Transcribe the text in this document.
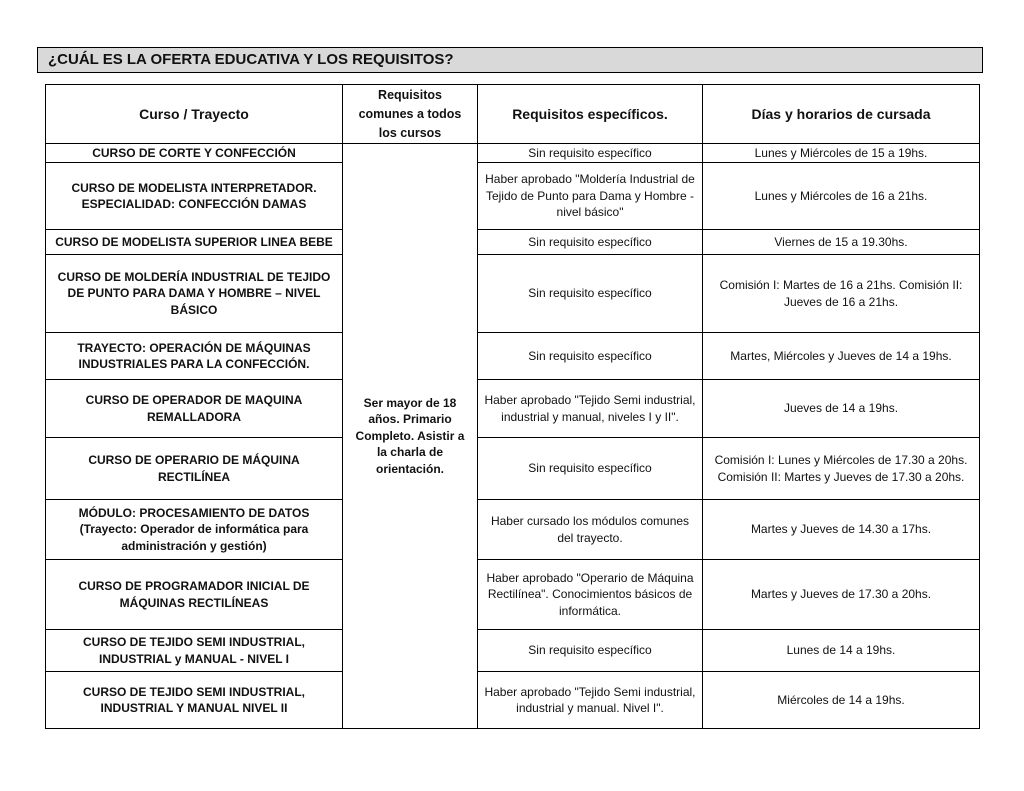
¿CUÁL ES LA OFERTA EDUCATIVA Y LOS REQUISITOS?
Curso / Trayecto	Requisitos comunes a todos los cursos	Requisitos específicos.	Días y horarios de cursada
CURSO DE CORTE Y CONFECCIÓN	Ser mayor de 18 años. Primario Completo. Asistir a la charla de orientación.	Sin requisito específico	Lunes y Miércoles de 15 a 19hs.
CURSO DE MODELISTA INTERPRETADOR. ESPECIALIDAD: CONFECCIÓN DAMAS		Haber aprobado "Moldería Industrial de Tejido de Punto para Dama y Hombre - nivel básico"	Lunes y Miércoles de 16 a 21hs.
CURSO DE MODELISTA SUPERIOR LINEA BEBE		Sin requisito específico	Viernes de 15 a 19.30hs.
CURSO DE MOLDERÍA INDUSTRIAL DE TEJIDO DE PUNTO PARA DAMA Y HOMBRE – NIVEL BÁSICO		Sin requisito específico	Comisión I: Martes de 16 a 21hs. Comisión II: Jueves de 16 a 21hs.
TRAYECTO: OPERACIÓN DE MÁQUINAS INDUSTRIALES PARA LA CONFECCIÓN.		Sin requisito específico	Martes, Miércoles y Jueves de 14 a 19hs.
CURSO DE OPERADOR DE MAQUINA REMALLADORA		Haber aprobado "Tejido Semi industrial, industrial y manual, niveles I y II".	Jueves de 14 a 19hs.
CURSO DE OPERARIO DE MÁQUINA RECTILÍNEA		Sin requisito específico	Comisión I: Lunes y Miércoles de 17.30 a 20hs. Comisión II: Martes y Jueves de 17.30 a 20hs.
MÓDULO: PROCESAMIENTO DE DATOS (Trayecto: Operador de informática para administración y gestión)		Haber cursado los módulos comunes del trayecto.	Martes y Jueves de 14.30 a 17hs.
CURSO DE PROGRAMADOR INICIAL DE MÁQUINAS RECTILÍNEAS		Haber aprobado "Operario de Máquina Rectilínea". Conocimientos básicos de informática.	Martes y Jueves de 17.30 a 20hs.
CURSO DE TEJIDO SEMI INDUSTRIAL, INDUSTRIAL y MANUAL - NIVEL I		Sin requisito específico	Lunes de 14 a 19hs.
CURSO DE TEJIDO SEMI INDUSTRIAL, INDUSTRIAL Y MANUAL NIVEL II		Haber aprobado "Tejido Semi industrial, industrial y manual. Nivel I".	Miércoles de 14 a 19hs.
